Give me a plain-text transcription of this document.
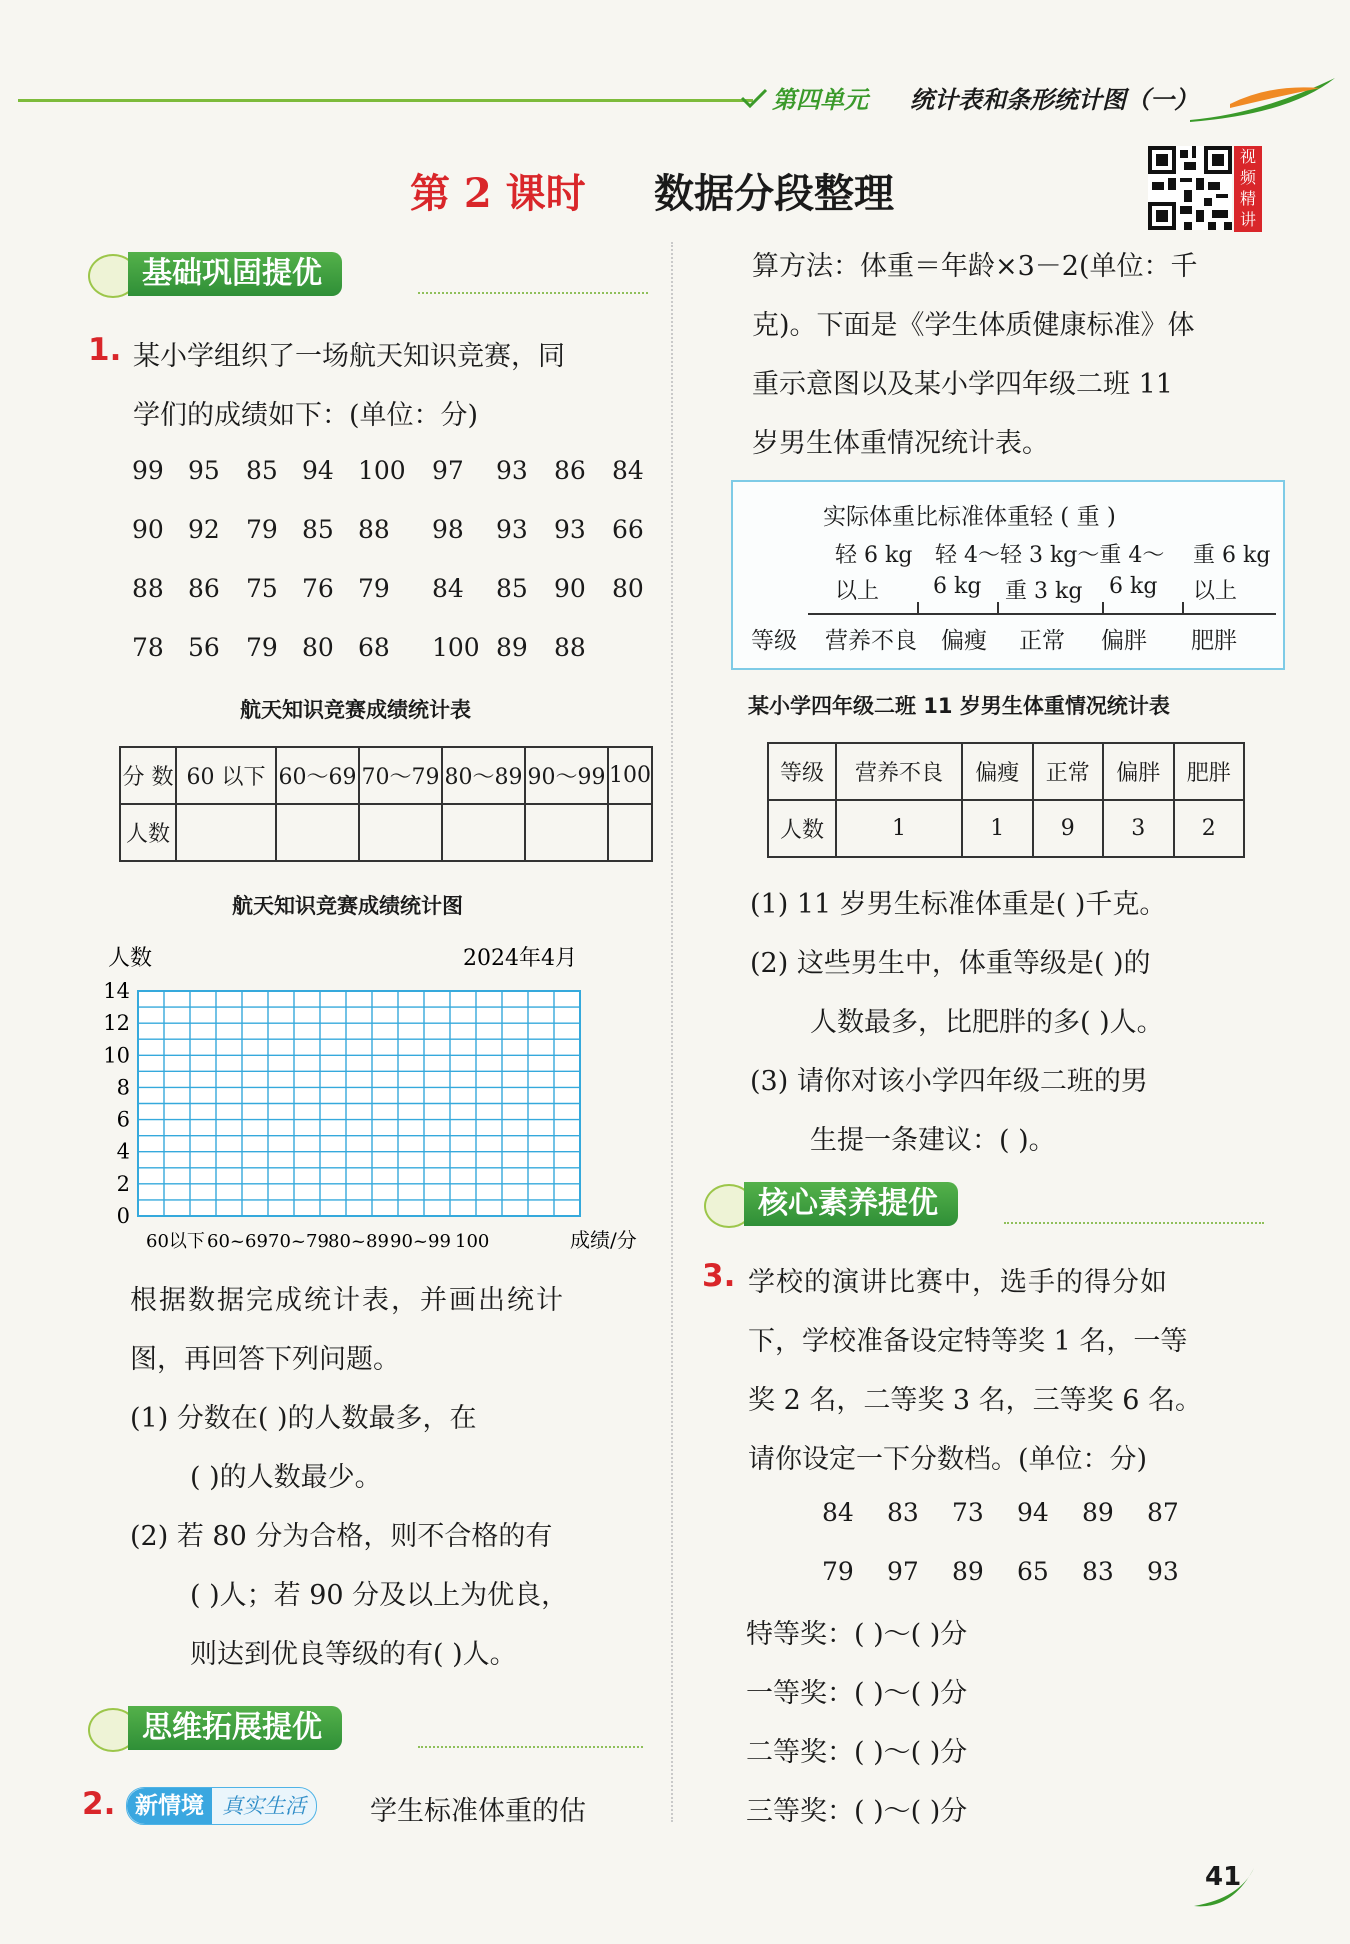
第四单元 统计表和条形统计图（一）
第 2 课时 数据分段整理
视频精讲
基础巩固提优
1. 某小学组织了一场航天知识竞赛，同
学们的成绩如下：(单位：分)
99 95 85 94 100 97 93 86 84
90 92 79 85 88 98 93 93 66
88 86 75 76 79 84 85 90 80
78 56 79 80 68 100 89 88
航天知识竞赛成绩统计表
分 数	60 以下	60～69	70～79	80～89	90～99	100
人数						
航天知识竞赛成绩统计图
人数	2024年4月
14
12
10
8
6
4
2
0
60以下 60~69 70~79 80~89 90~99 100	成绩/分
根据数据完成统计表，并画出统计
图，再回答下列问题。
(1) 分数在( )的人数最多，在
( )的人数最少。
(2) 若 80 分为合格，则不合格的有
( )人；若 90 分及以上为优良，
则达到优良等级的有( )人。
思维拓展提优
2. 新情境 真实生活	学生标准体重的估
算方法：体重＝年龄×3－2(单位：千
克)。下面是《学生体质健康标准》体
重示意图以及某小学四年级二班 11
岁男生体重情况统计表。
实际体重比标准体重轻 ( 重 )
轻 6 kg 轻 4～轻 3 kg～重 4～ 重 6 kg
以上 6 kg 重 3 kg 6 kg 以上
等级 营养不良 偏瘦 正常 偏胖 肥胖
某小学四年级二班 11 岁男生体重情况统计表
等级	营养不良	偏瘦	正常	偏胖	肥胖
人数	1	1	9	3	2
(1) 11 岁男生标准体重是( )千克。
(2) 这些男生中，体重等级是( )的
人数最多，比肥胖的多( )人。
(3) 请你对该小学四年级二班的男
生提一条建议：( )。
核心素养提优
3. 学校的演讲比赛中，选手的得分如
下，学校准备设定特等奖 1 名，一等
奖 2 名，二等奖 3 名，三等奖 6 名。
请你设定一下分数档。(单位：分)
84 83 73 94 89 87
79 97 89 65 83 93
特等奖：( )～( )分
一等奖：( )～( )分
二等奖：( )～( )分
三等奖：( )～( )分
41
